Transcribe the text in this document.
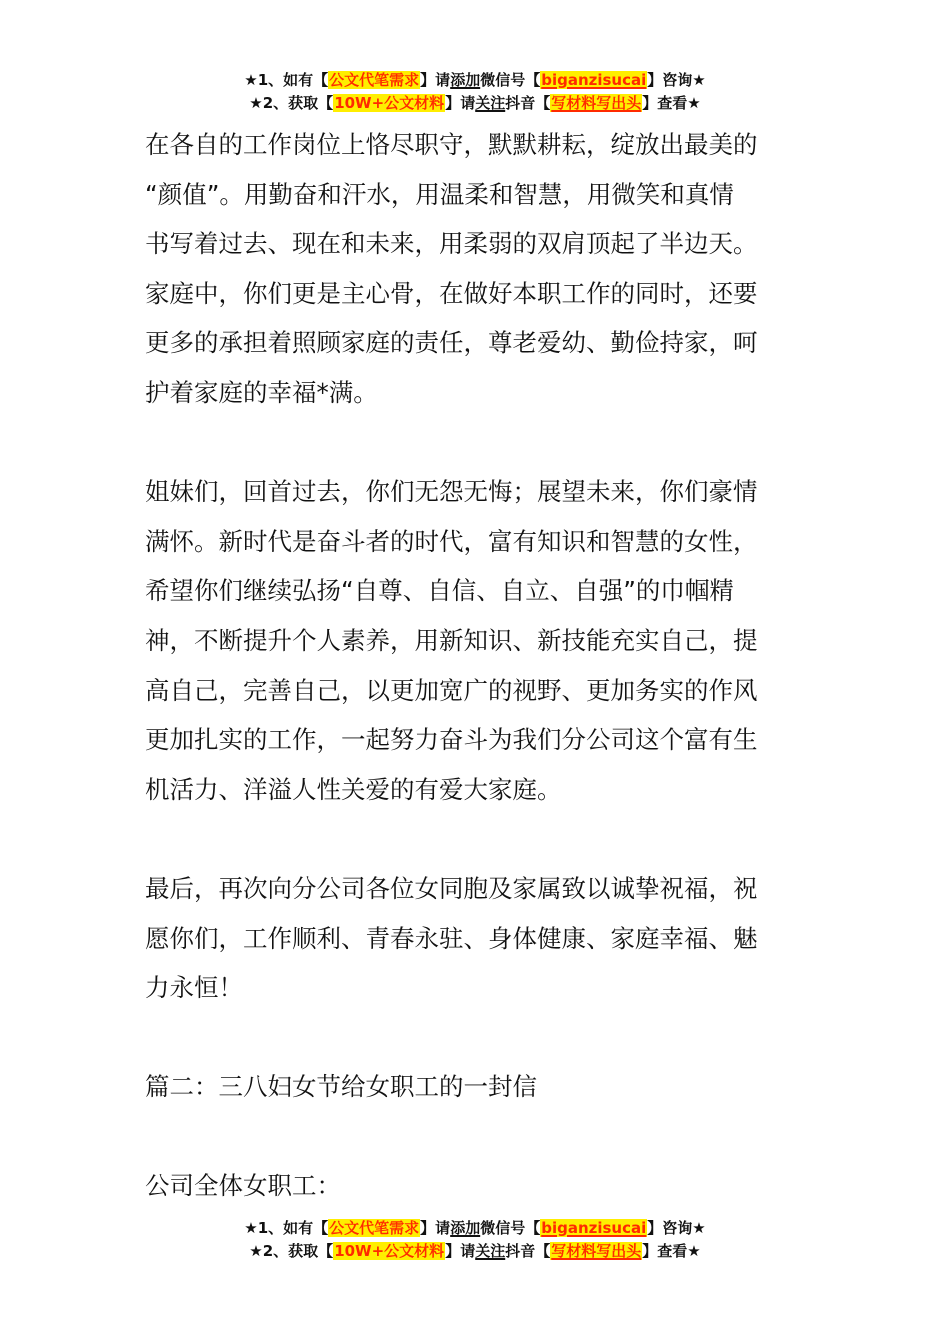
★1、如有【公文代笔需求】请添加微信号【biganzisucai】咨询★
★2、获取【10W+公文材料】请关注抖音【写材料写出头】查看★

在各自的工作岗位上恪尽职守，默默耕耘，绽放出最美的

“颜值”。用勤奋和汗水，用温柔和智慧，用微笑和真情

书写着过去、现在和未来，用柔弱的双肩顶起了半边天。

家庭中，你们更是主心骨，在做好本职工作的同时，还要

更多的承担着照顾家庭的责任，尊老爱幼、勤俭持家，呵

护着家庭的幸福*满。

姐妹们，回首过去，你们无怨无悔；展望未来，你们豪情

满怀。新时代是奋斗者的时代，富有知识和智慧的女性，

希望你们继续弘扬“自尊、自信、自立、自强”的巾帼精

神，不断提升个人素养，用新知识、新技能充实自己，提

高自己，完善自己，以更加宽广的视野、更加务实的作风

更加扎实的工作，一起努力奋斗为我们分公司这个富有生

机活力、洋溢人性关爱的有爱大家庭。

最后，再次向分公司各位女同胞及家属致以诚挚祝福，祝

愿你们，工作顺利、青春永驻、身体健康、家庭幸福、魅

力永恒！

篇二：三八妇女节给女职工的一封信

公司全体女职工：

★1、如有【公文代笔需求】请添加微信号【biganzisucai】咨询★
★2、获取【10W+公文材料】请关注抖音【写材料写出头】查看★
